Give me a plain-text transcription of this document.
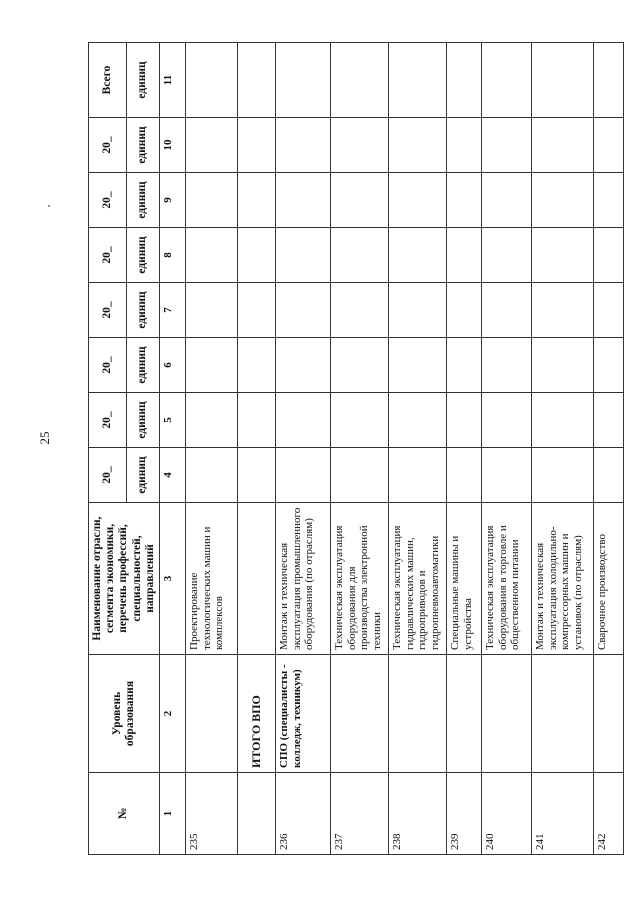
25
№	Уровень образования	Наименование отрасли, сегмента экономики, перечень профессий, специальностей, направлений	20_	20_	20_	20_	20_	20_	20_	Всего
			единиц	единиц	единиц	единиц	единиц	единиц	единиц	единиц
1	2	3	4	5	6	7	8	9	10	11
235		Проектирование технологических машин и комплексов								
	ИТОГО ВПО									
236	СПО (специалисты - колледж, техникум)	Монтаж и техническая эксплуатация промышленного оборудования (по отраслям)								
237		Техническая эксплуатация оборудования для производства электронной техники								
238		Техническая эксплуатация гидравлических машин, гидроприводов и гидропневмоавтоматики								
239		Специальные машины и устройства								
240		Техническая эксплуатация оборудования в торговле и общественном питании								
241		Монтаж и техническая эксплуатация холодильно-компрессорных машин и установок (по отраслям)								
242		Сварочное производство								
